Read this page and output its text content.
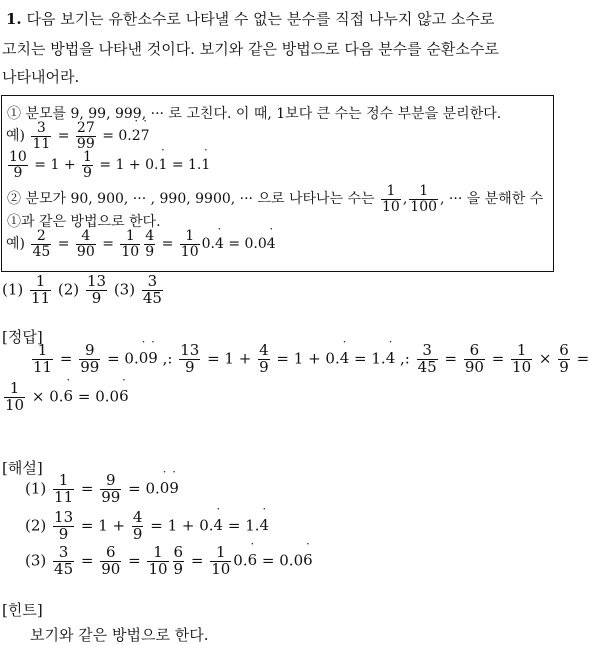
1. 다음 보기는 유한소수로 나타낼 수 없는 분수를 직접 나누지 않고 소수로
고치는 방법을 나타낸 것이다. 보기와 같은 방법으로 다음 분수를 순환소수로
나타내어라.
① 분모를 9, 99, 999, ··· 로 고친다. 이 때, 1보다 큰 수는 정수 부분을 분리한다.
예) $\frac{3}{11} = \frac{27}{99}$ = 0.˙ 2˙ 7
$\frac{10}{9} = 1 + \frac{1}{9} = 1$ + 0.˙ 1 = 1.˙ 1
② 분모가 90, 900, ··· , 990, 9900, ··· 으로 나타나는 수는 $\frac{1}{10}$ , $\frac{1}{100}$ , ··· 을 분해한 수
①과 같은 방법으로 한다.
예) $\frac{2}{45} = \frac{4}{90} = \frac{1}{10} \frac{4}{9} = \frac{1}{10}$ 0.˙ 4 = 0.0˙ 4
$(1) \frac{1}{11} (2) \frac{13}{9} (3) \frac{3}{45}$
[정답]
$\frac{1}{11} = \frac{9}{99}$ = 0.˙ 0˙ 9 ,: $\frac{13}{9} = 1 + \frac{4}{9} = 1$ + 0.˙ 4 = 1.˙ 4 ,: $\frac{3}{45} = \frac{6}{90} = \frac{1}{10} \times \frac{6}{9}$ =
$\frac{1}{10}$ × 0.˙ 6 = 0.0˙ 6
[해설]
$(1) \frac{1}{11} = \frac{9}{99}$ = 0.˙ 0˙ 9
$(2) \frac{13}{9} = 1 + \frac{4}{9} = 1$ + 0.˙ 4 = 1.˙ 4
$(3) \frac{3}{45} = \frac{6}{90} = \frac{1}{10} \frac{6}{9} = \frac{1}{10}$ 0.˙ 6 = 0.0˙ 6
[힌트]
보기와 같은 방법으로 한다.
